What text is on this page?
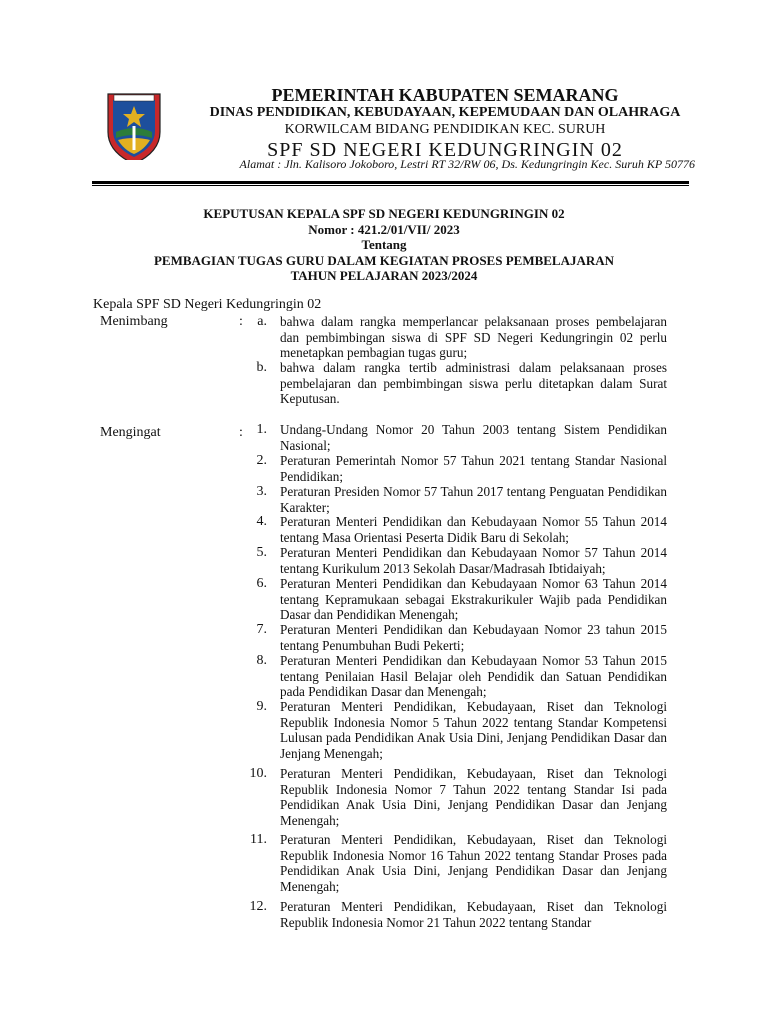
PEMERINTAH KABUPATEN SEMARANG
DINAS PENDIDIKAN, KEBUDAYAAN, KEPEMUDAAN DAN OLAHRAGA
KORWILCAM BIDANG PENDIDIKAN KEC. SURUH
SPF SD NEGERI KEDUNGRINGIN 02
Alamat : Jln. Kalisoro Jokoboro, Lestri RT 32/RW 06, Ds. Kedungringin Kec. Suruh KP 50776
KEPUTUSAN KEPALA SPF SD NEGERI KEDUNGRINGIN 02
Nomor : 421.2/01/VII/ 2023
Tentang
PEMBAGIAN TUGAS GURU DALAM KEGIATAN PROSES PEMBELAJARAN
TAHUN PELAJARAN 2023/2024
Kepala SPF SD Negeri Kedungringin 02
Menimbang	:	a. bahwa dalam rangka memperlancar pelaksanaan proses pembelajaran dan pembimbingan siswa di SPF SD Negeri Kedungringin 02 perlu menetapkan pembagian tugas guru;
b. bahwa dalam rangka tertib administrasi dalam pelaksanaan proses pembelajaran dan pembimbingan siswa perlu ditetapkan dalam Surat Keputusan.
Mengingat	: 1. Undang-Undang Nomor 20 Tahun 2003 tentang Sistem Pendidikan Nasional;
2. Peraturan Pemerintah Nomor 57 Tahun 2021 tentang Standar Nasional Pendidikan;
3. Peraturan Presiden Nomor 57 Tahun 2017 tentang Penguatan Pendidikan Karakter;
4. Peraturan Menteri Pendidikan dan Kebudayaan Nomor 55 Tahun 2014 tentang Masa Orientasi Peserta Didik Baru di Sekolah;
5. Peraturan Menteri Pendidikan dan Kebudayaan Nomor 57 Tahun 2014 tentang Kurikulum 2013 Sekolah Dasar/Madrasah Ibtidaiyah;
6. Peraturan Menteri Pendidikan dan Kebudayaan Nomor 63 Tahun 2014 tentang Kepramukaan sebagai Ekstrakurikuler Wajib pada Pendidikan Dasar dan Pendidikan Menengah;
7. Peraturan Menteri Pendidikan dan Kebudayaan Nomor 23 tahun 2015 tentang Penumbuhan Budi Pekerti;
8. Peraturan Menteri Pendidikan dan Kebudayaan Nomor 53 Tahun 2015 tentang Penilaian Hasil Belajar oleh Pendidik dan Satuan Pendidikan pada Pendidikan Dasar dan Menengah;
9. Peraturan Menteri Pendidikan, Kebudayaan, Riset dan Teknologi Republik Indonesia Nomor 5 Tahun 2022 tentang Standar Kompetensi Lulusan pada Pendidikan Anak Usia Dini, Jenjang Pendidikan Dasar dan Jenjang Menengah;
10. Peraturan Menteri Pendidikan, Kebudayaan, Riset dan Teknologi Republik Indonesia Nomor 7 Tahun 2022 tentang Standar Isi pada Pendidikan Anak Usia Dini, Jenjang Pendidikan Dasar dan Jenjang Menengah;
11. Peraturan Menteri Pendidikan, Kebudayaan, Riset dan Teknologi Republik Indonesia Nomor 16 Tahun 2022 tentang Standar Proses pada Pendidikan Anak Usia Dini, Jenjang Pendidikan Dasar dan Jenjang Menengah;
12. Peraturan Menteri Pendidikan, Kebudayaan, Riset dan Teknologi Republik Indonesia Nomor 21 Tahun 2022 tentang Standar
